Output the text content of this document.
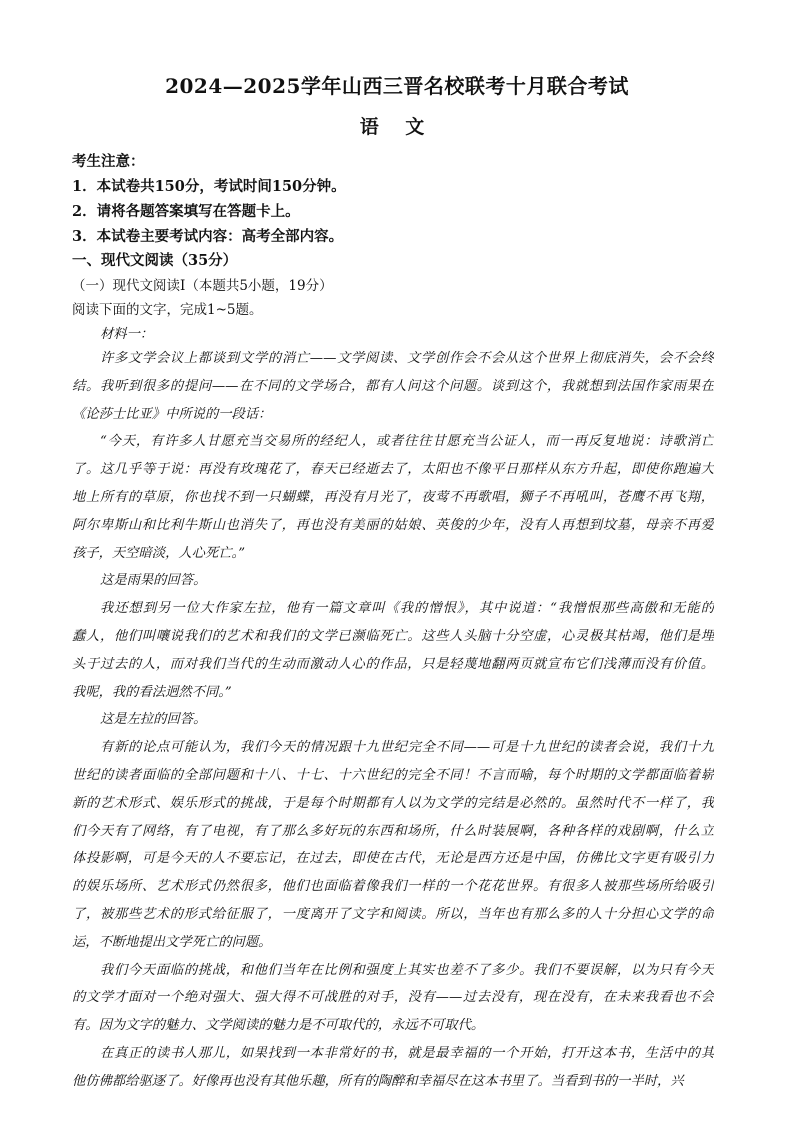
2024—2025学年山西三晋名校联考十月联合考试
语 文
考生注意：
1．本试卷共150分，考试时间150分钟。
2．请将各题答案填写在答题卡上。
3．本试卷主要考试内容：高考全部内容。
一、现代文阅读（35分）
（一）现代文阅读Ⅰ（本题共5小题，19分）
阅读下面的文字，完成1~5题。
材料一：
许多文学会议上都谈到文学的消亡——文学阅读、文学创作会不会从这个世界上彻底消失，会不会终
结。我听到很多的提问——在不同的文学场合，都有人问这个问题。谈到这个，我就想到法国作家雨果在
《论莎士比亚》中所说的一段话：
“今天，有许多人甘愿充当交易所的经纪人，或者往往甘愿充当公证人，而一再反复地说：诗歌消亡
了。这几乎等于说：再没有玫瑰花了，春天已经逝去了，太阳也不像平日那样从东方升起，即使你跑遍大
地上所有的草原，你也找不到一只蝴蝶，再没有月光了，夜莺不再歌唱，狮子不再吼叫，苍鹰不再飞翔，
阿尔卑斯山和比利牛斯山也消失了，再也没有美丽的姑娘、英俊的少年，没有人再想到坟墓，母亲不再爱
孩子，天空暗淡，人心死亡。”
这是雨果的回答。
我还想到另一位大作家左拉，他有一篇文章叫《我的憎恨》，其中说道：“我憎恨那些高傲和无能的
蠢人，他们叫嚷说我们的艺术和我们的文学已濒临死亡。这些人头脑十分空虚，心灵极其枯竭，他们是埋
头于过去的人，而对我们当代的生动而激动人心的作品，只是轻蔑地翻两页就宣布它们浅薄而没有价值。
我呢，我的看法迥然不同。”
这是左拉的回答。
有新的论点可能认为，我们今天的情况跟十九世纪完全不同——可是十九世纪的读者会说，我们十九
世纪的读者面临的全部问题和十八、十七、十六世纪的完全不同！不言而喻，每个时期的文学都面临着崭
新的艺术形式、娱乐形式的挑战，于是每个时期都有人以为文学的完结是必然的。虽然时代不一样了，我
们今天有了网络，有了电视，有了那么多好玩的东西和场所，什么时装展啊，各种各样的戏剧啊，什么立
体投影啊，可是今天的人不要忘记，在过去，即使在古代，无论是西方还是中国，仿佛比文字更有吸引力
的娱乐场所、艺术形式仍然很多，他们也面临着像我们一样的一个花花世界。有很多人被那些场所给吸引
了，被那些艺术的形式给征服了，一度离开了文字和阅读。所以，当年也有那么多的人十分担心文学的命
运，不断地提出文学死亡的问题。
我们今天面临的挑战，和他们当年在比例和强度上其实也差不了多少。我们不要误解，以为只有今天
的文学才面对一个绝对强大、强大得不可战胜的对手，没有——过去没有，现在没有，在未来我看也不会
有。因为文字的魅力、文学阅读的魅力是不可取代的，永远不可取代。
在真正的读书人那儿，如果找到一本非常好的书，就是最幸福的一个开始，打开这本书，生活中的其
他仿佛都给驱逐了。好像再也没有其他乐趣，所有的陶醉和幸福尽在这本书里了。当看到书的一半时，兴
